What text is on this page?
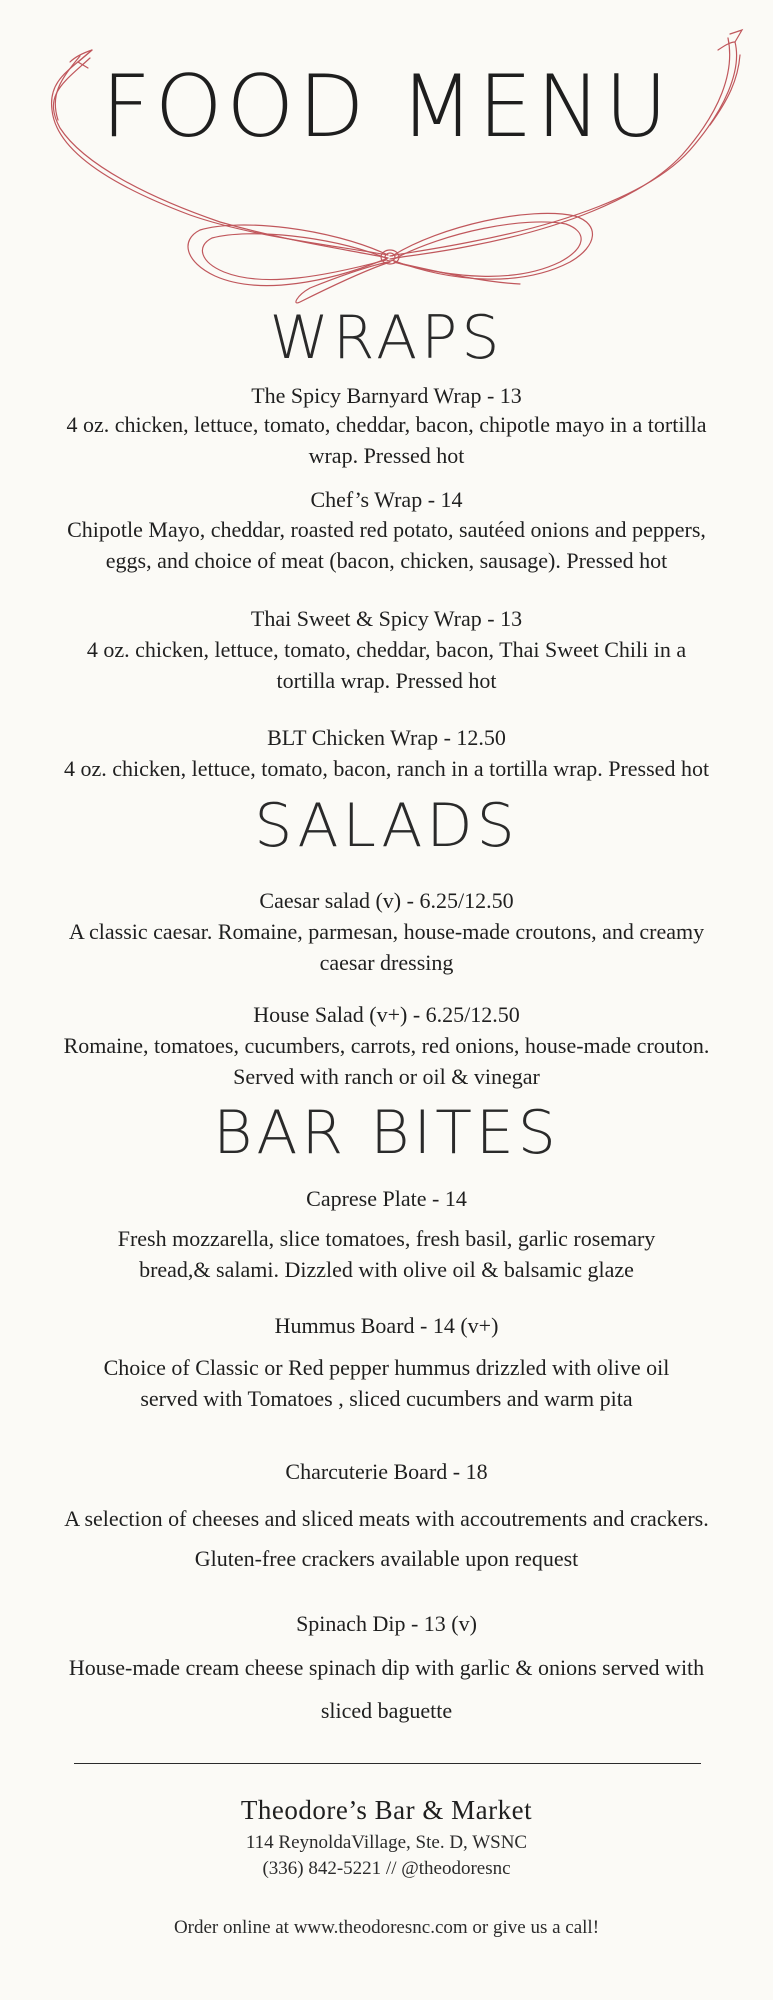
FOOD MENU
WRAPS
The Spicy Barnyard Wrap - 13
4 oz. chicken, lettuce, tomato, cheddar, bacon, chipotle mayo in a tortilla
wrap. Pressed hot
Chef’s Wrap - 14
Chipotle Mayo, cheddar, roasted red potato, sautéed onions and peppers,
eggs, and choice of meat (bacon, chicken, sausage). Pressed hot
Thai Sweet & Spicy Wrap - 13
4 oz. chicken, lettuce, tomato, cheddar, bacon, Thai Sweet Chili in a
tortilla wrap. Pressed hot
BLT Chicken Wrap - 12.50
4 oz. chicken, lettuce, tomato, bacon, ranch in a tortilla wrap. Pressed hot
SALADS
Caesar salad (v) - 6.25/12.50
A classic caesar. Romaine, parmesan, house-made croutons, and creamy
caesar dressing
House Salad (v+) - 6.25/12.50
Romaine, tomatoes, cucumbers, carrots, red onions, house-made crouton.
Served with ranch or oil & vinegar
BAR BITES
Caprese Plate - 14
Fresh mozzarella, slice tomatoes, fresh basil, garlic rosemary
bread,& salami. Dizzled with olive oil & balsamic glaze
Hummus Board - 14 (v+)
Choice of Classic or Red pepper hummus drizzled with olive oil
served with Tomatoes , sliced cucumbers and warm pita
Charcuterie Board - 18
A selection of cheeses and sliced meats with accoutrements and crackers.
Gluten-free crackers available upon request
Spinach Dip - 13 (v)
House-made cream cheese spinach dip with garlic & onions served with
sliced baguette
Theodore’s Bar & Market
114 ReynoldaVillage, Ste. D, WSNC
(336) 842-5221 // @theodoresnc
Order online at www.theodoresnc.com or give us a call!
